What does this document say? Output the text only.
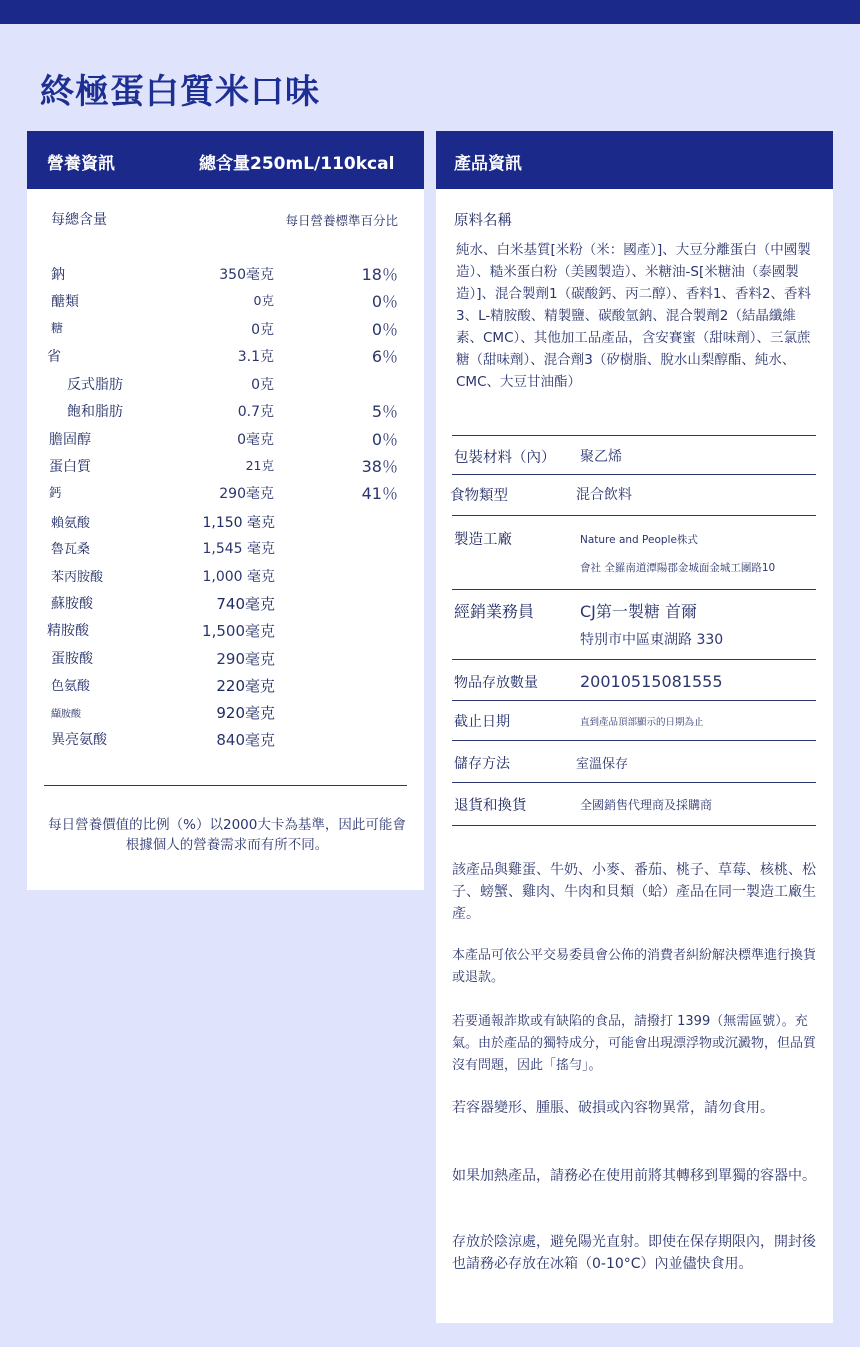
終極蛋白質米口味
營養資訊	總含量250mL/110kcal
每總含量	每日營養標準百分比
鈉	350毫克	18％
醣類	0克	0％
糖	0克	0％
省	3.1克	6％
反式脂肪	0克
飽和脂肪	0.7克	5％
膽固醇	0毫克	0％
蛋白質	21克	38％
鈣	290毫克	41％
賴氨酸	1,150 毫克
魯瓦桑	1,545 毫克
苯丙胺酸	1,000 毫克
蘇胺酸	740毫克
精胺酸	1,500毫克
蛋胺酸	290毫克
色氨酸	220毫克
纈胺酸	920毫克
異亮氨酸	840毫克
每日營養價值的比例（%）以2000大卡為基準，因此可能會根據個人的營養需求而有所不同。
產品資訊
原料名稱
純水、白米基質[米粉（米：國產）]、大豆分離蛋白（中國製造）、糙米蛋白粉（美國製造）、米糖油-S[米糖油（泰國製造）]、混合製劑1（碳酸鈣、丙二醇）、香料1、香料2、香料3、L-精胺酸、精製鹽、碳酸氫鈉、混合製劑2（結晶纖維素、CMC）、其他加工品產品，含安賽蜜（甜味劑）、三氯蔗糖（甜味劑）、混合劑3（矽樹脂、脫水山梨醇酯、純水、CMC、大豆甘油酯）
包裝材料（內） 聚乙烯
食物類型	混合飲料
製造工廠	Nature and People株式
會社 全羅南道潭陽郡金城面金城工團路10
經銷業務員	CJ第一製糖 首爾
特別市中區東湖路 330
物品存放數量	20010515081555
截止日期	直到產品頂部顯示的日期為止
儲存方法	室溫保存
退貨和換貨	全國銷售代理商及採購商
該產品與雞蛋、牛奶、小麥、番茄、桃子、草莓、核桃、松子、螃蟹、雞肉、牛肉和貝類（蛤）產品在同一製造工廠生產。
本產品可依公平交易委員會公佈的消費者糾紛解決標準進行換貨或退款。
若要通報詐欺或有缺陷的食品，請撥打 1399（無需區號）。充氣。由於產品的獨特成分，可能會出現漂浮物或沉澱物，但品質沒有問題，因此「搖勻」。
若容器變形、腫脹、破損或內容物異常，請勿食用。
如果加熱產品，請務必在使用前將其轉移到單獨的容器中。
存放於陰涼處，避免陽光直射。即使在保存期限內，開封後也請務必存放在冰箱（0-10°C）內並儘快食用。
